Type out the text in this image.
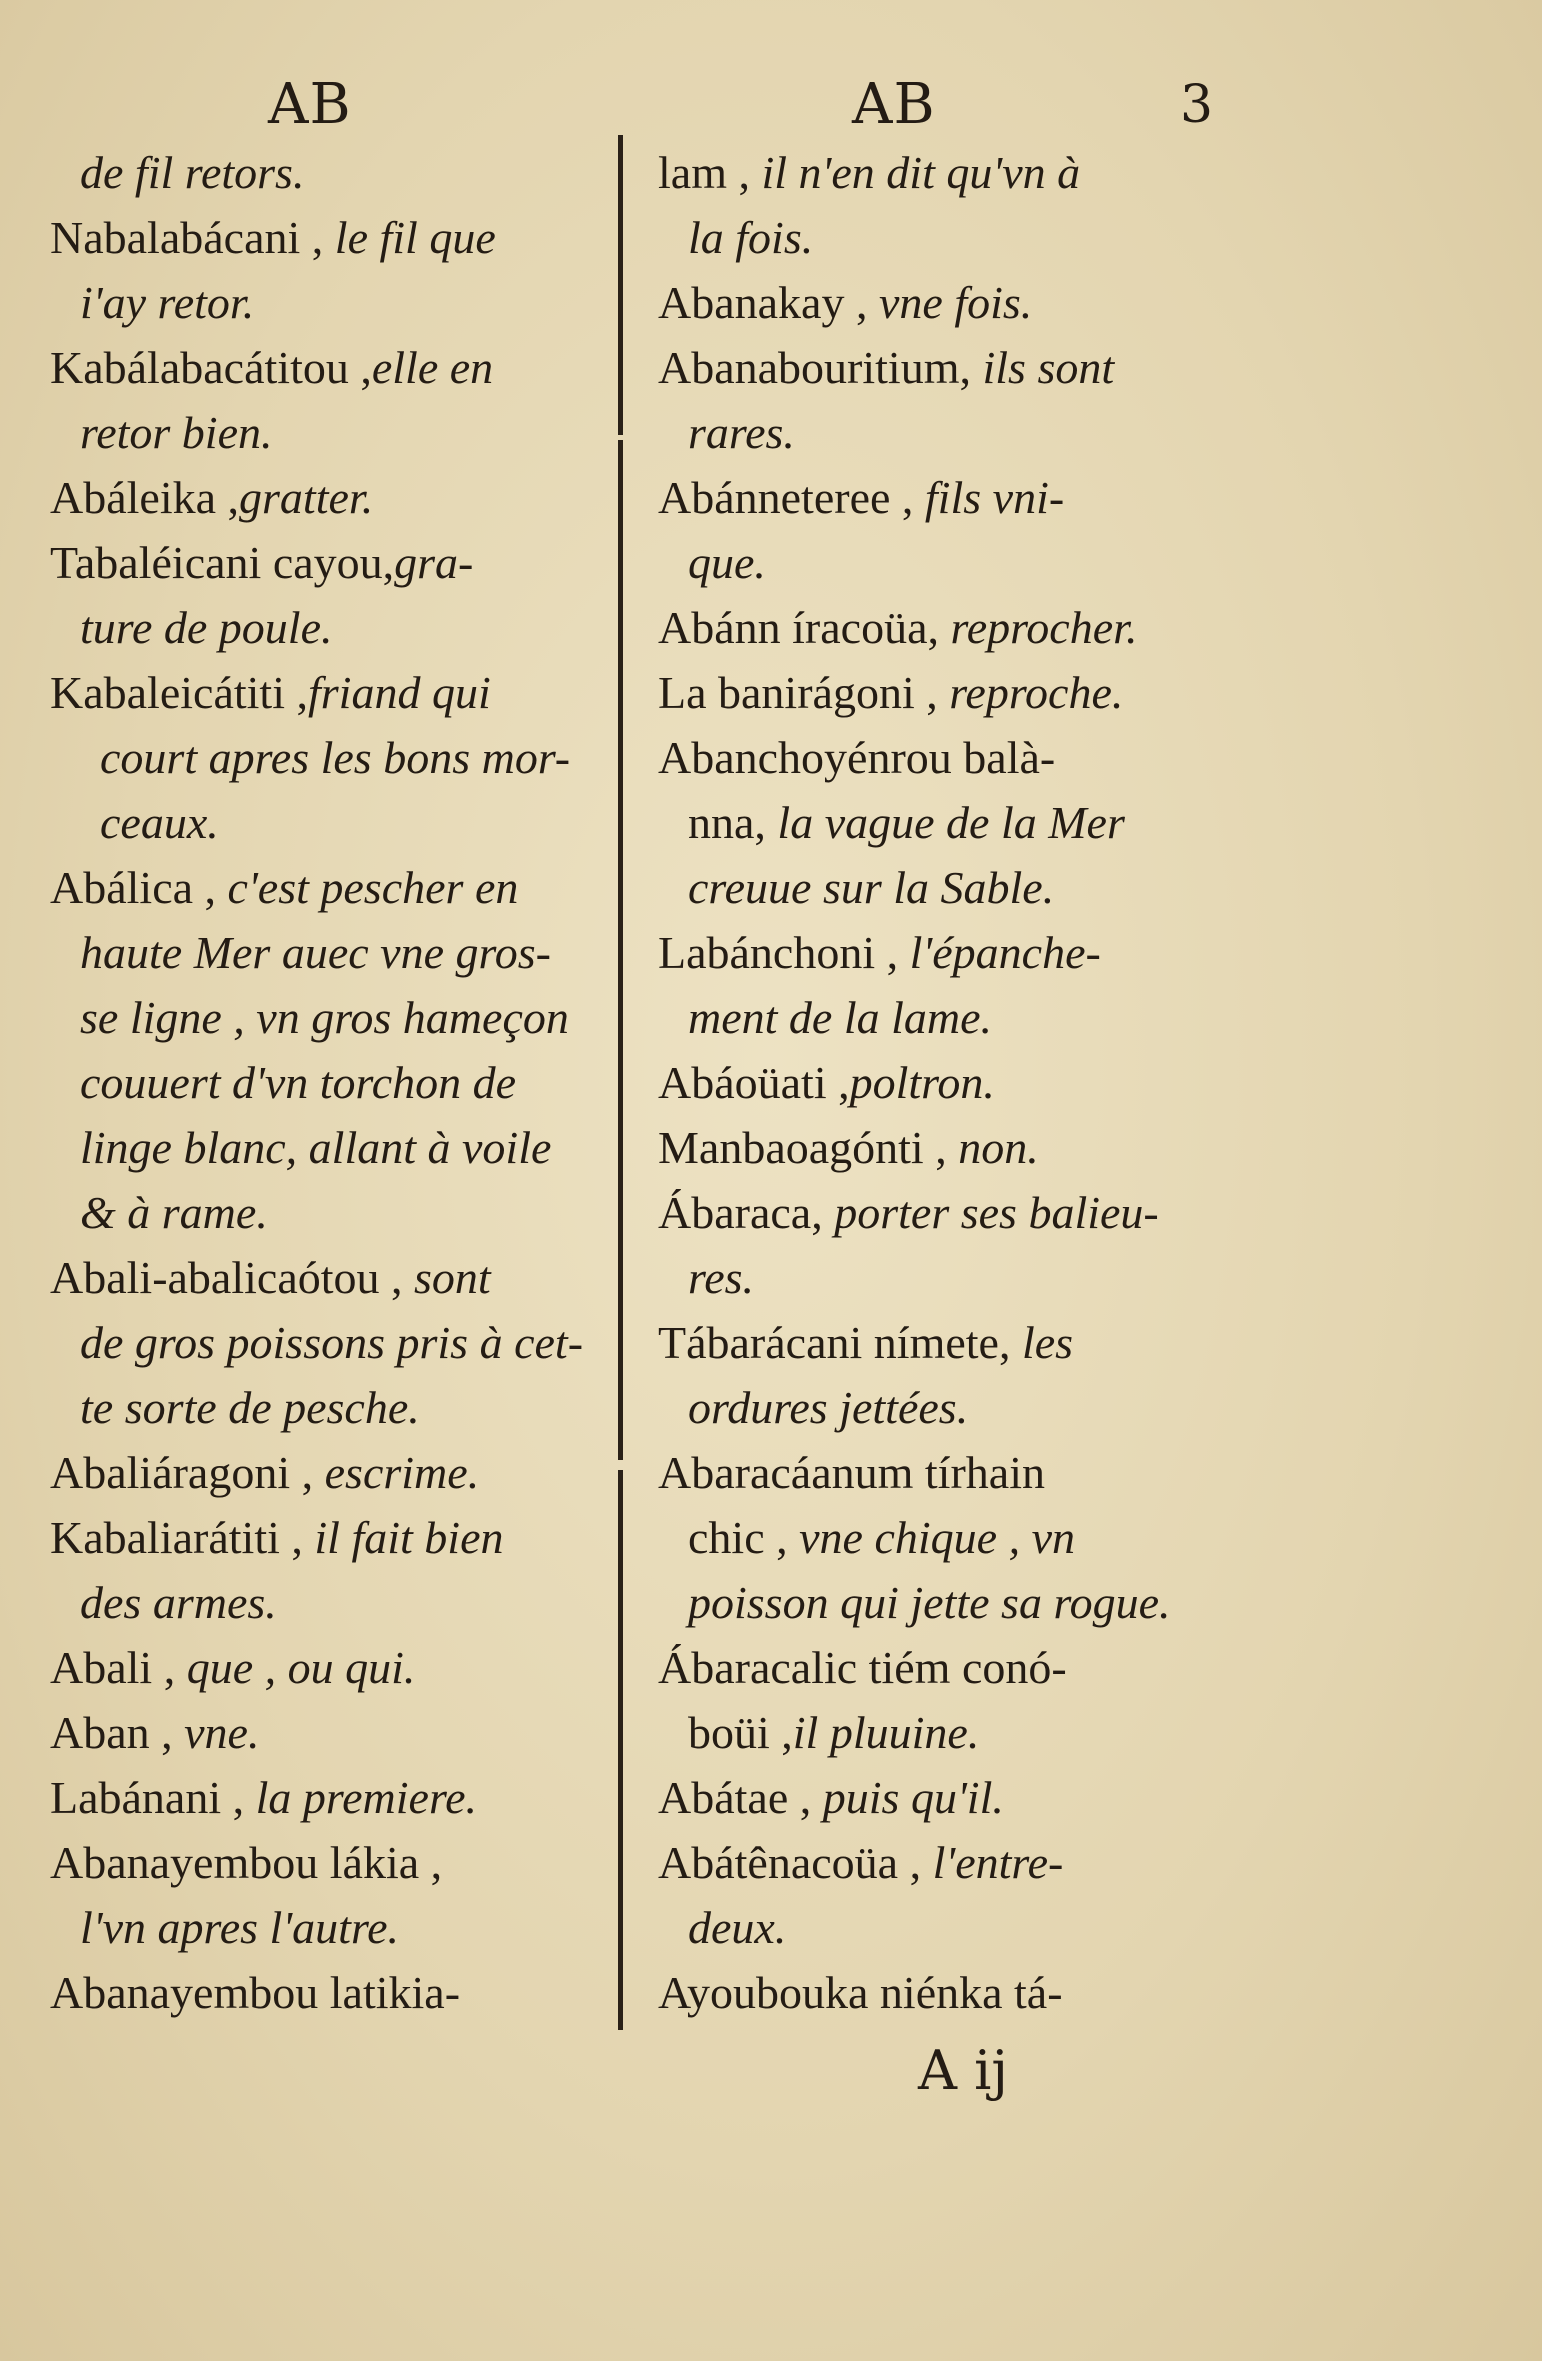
AB	AB	3
de fil retors.
Nabalabácani , le fil que
i'ay retor.
Kabálabacátitou ,elle en
retor bien.
Abáleika ,gratter.
Tabaléicani cayou,gra-
ture de poule.
Kabaleicátiti ,friand qui
court apres les bons mor-
ceaux.
Abálica , c'est pescher en
haute Mer auec vne gros-
se ligne , vn gros hameçon
couuert d'vn torchon de
linge blanc, allant à voile
& à rame.
Abali-abalicaótou , sont
de gros poissons pris à cet-
te sorte de pesche.
Abaliáragoni , escrime.
Kabaliarátiti , il fait bien
des armes.
Abali , que , ou qui.
Aban , vne.
Labánani , la premiere.
Abanayembou lákia ,
l'vn apres l'autre.
Abanayembou latikia-
lam , il n'en dit qu'vn à
la fois.
Abanakay , vne fois.
Abanabouritium, ils sont
rares.
Abánneteree , fils vni-
que.
Abánn íracoüa, reprocher.
La banirágoni , reproche.
Abanchoyénrou balà-
nna, la vague de la Mer
creuue sur la Sable.
Labánchoni , l'épanche-
ment de la lame.
Abáoüati ,poltron.
Manbaoagónti , non.
Ábaraca, porter ses balieu-
res.
Tábarácani nímete, les
ordures jettées.
Abaracáanum tírhain
chic , vne chique , vn
poisson qui jette sa rogue.
Ábaracalic tiém conó-
boüi ,il pluuine.
Abátae , puis qu'il.
Abátênacoüa , l'entre-
deux.
Ayoubouka niénka tá-
A ij
